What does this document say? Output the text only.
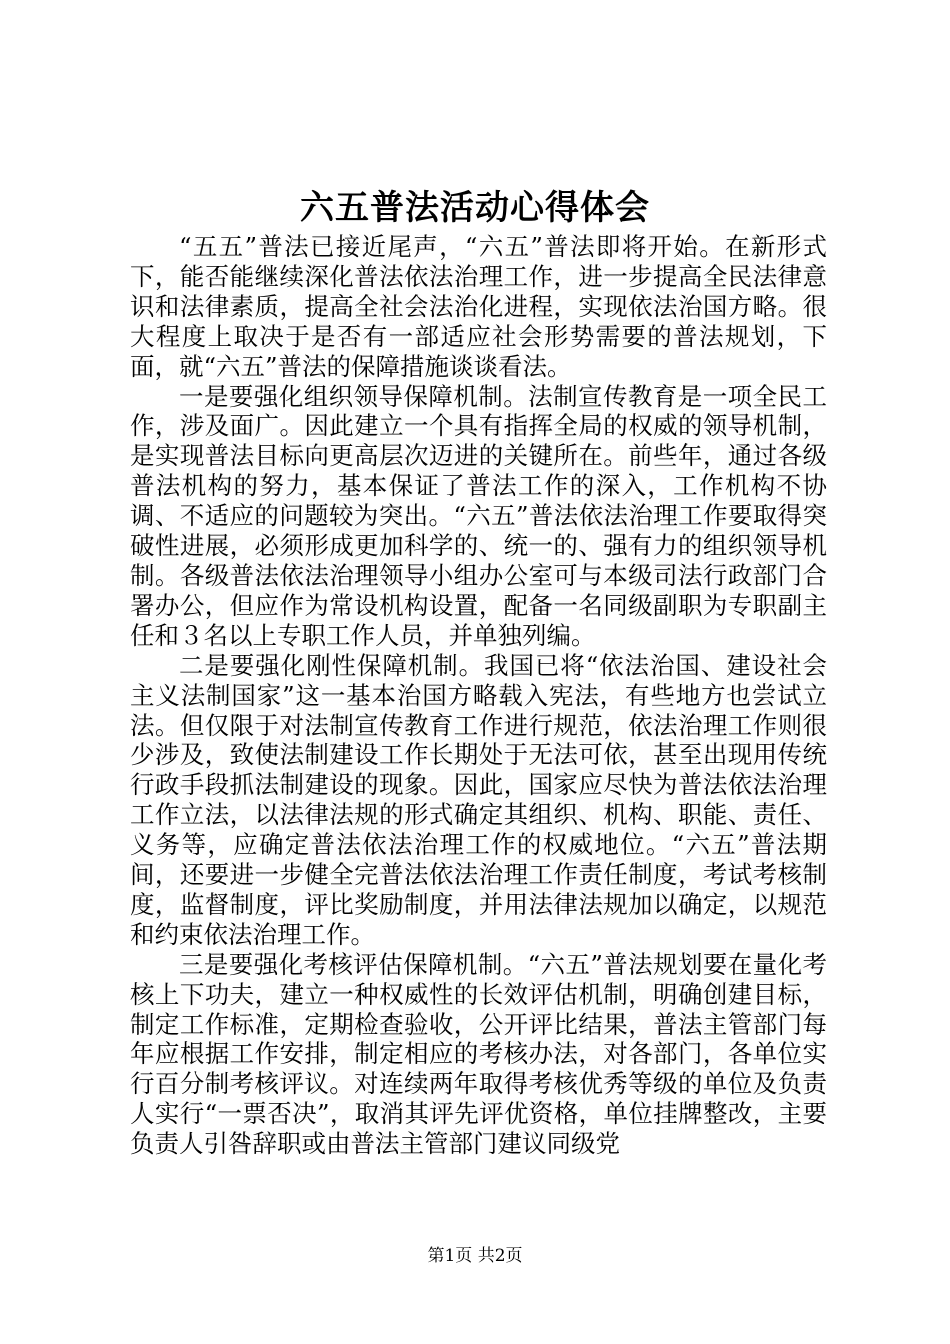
六五普法活动心得体会

“五五”普法已接近尾声，“六五”普法即将开始。在新形式下，能否能继续深化普法依法治理工作，进一步提高全民法律意识和法律素质，提高全社会法治化进程，实现依法治国方略。很大程度上取决于是否有一部适应社会形势需要的普法规划，下面，就“六五”普法的保障措施谈谈看法。

一是要强化组织领导保障机制。法制宣传教育是一项全民工作，涉及面广。因此建立一个具有指挥全局的权威的领导机制，是实现普法目标向更高层次迈进的关键所在。前些年，通过各级普法机构的努力，基本保证了普法工作的深入，工作机构不协调、不适应的问题较为突出。“六五”普法依法治理工作要取得突破性进展，必须形成更加科学的、统一的、强有力的组织领导机制。各级普法依法治理领导小组办公室可与本级司法行政部门合署办公，但应作为常设机构设置，配备一名同级副职为专职副主任和３名以上专职工作人员，并单独列编。

二是要强化刚性保障机制。我国已将“依法治国、建设社会主义法制国家”这一基本治国方略载入宪法，有些地方也尝试立法。但仅限于对法制宣传教育工作进行规范，依法治理工作则很少涉及，致使法制建设工作长期处于无法可依，甚至出现用传统行政手段抓法制建设的现象。因此，国家应尽快为普法依法治理工作立法，以法律法规的形式确定其组织、机构、职能、责任、义务等，应确定普法依法治理工作的权威地位。“六五”普法期间，还要进一步健全完普法依法治理工作责任制度，考试考核制度，监督制度，评比奖励制度，并用法律法规加以确定，以规范和约束依法治理工作。

三是要强化考核评估保障机制。“六五”普法规划要在量化考核上下功夫，建立一种权威性的长效评估机制，明确创建目标，制定工作标准，定期检查验收，公开评比结果，普法主管部门每年应根据工作安排，制定相应的考核办法，对各部门，各单位实行百分制考核评议。对连续两年取得考核优秀等级的单位及负责人实行“一票否决”，取消其评先评优资格，单位挂牌整改，主要负责人引咎辞职或由普法主管部门建议同级党

第1页 共2页
